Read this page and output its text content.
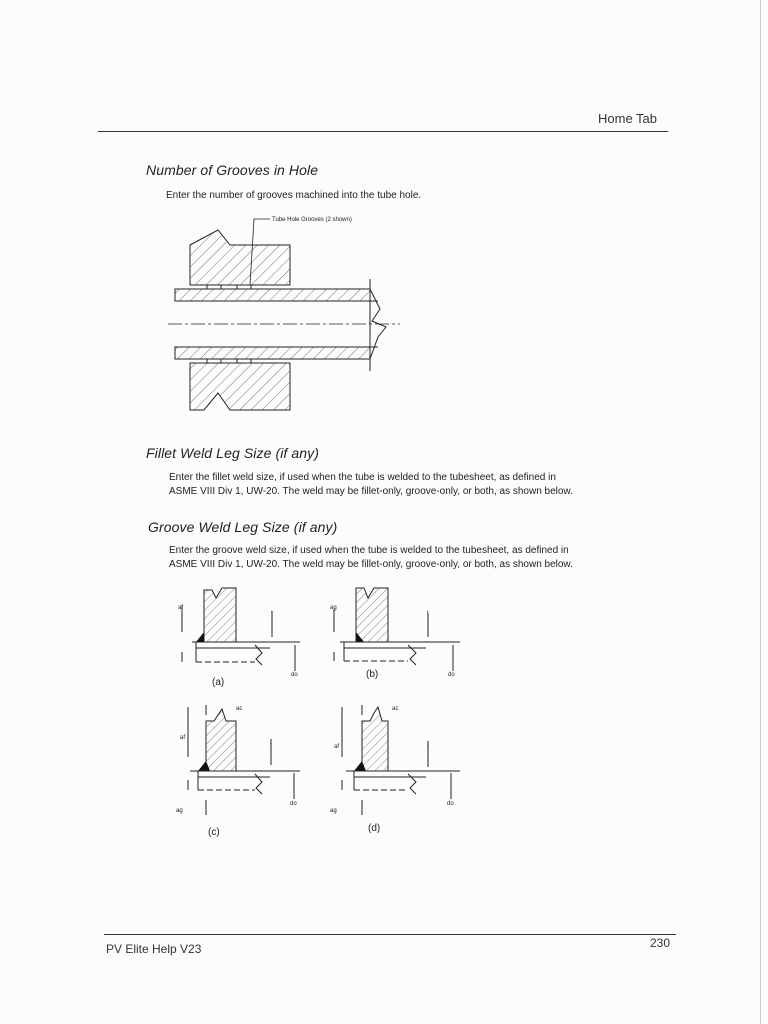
Home Tab
Number of Grooves in Hole
Enter the number of grooves machined into the tube hole.
Tube Hole Grooves (2 shown)
Fillet Weld Leg Size (if any)
Enter the fillet weld size, if used when the tube is welded to the tubesheet, as defined in
ASME VIII Div 1, UW-20. The weld may be fillet-only, groove-only, or both, as shown below.
Groove Weld Leg Size (if any)
Enter the groove weld size, if used when the tube is welded to the tubesheet, as defined in
ASME VIII Div 1, UW-20. The weld may be fillet-only, groove-only, or both, as shown below.
af
t
do
(a)
ag
t
do
(b)
af
ac
t
do
ag
(c)
af
ac
t
do
ag
(d)
PV Elite Help V23	230
